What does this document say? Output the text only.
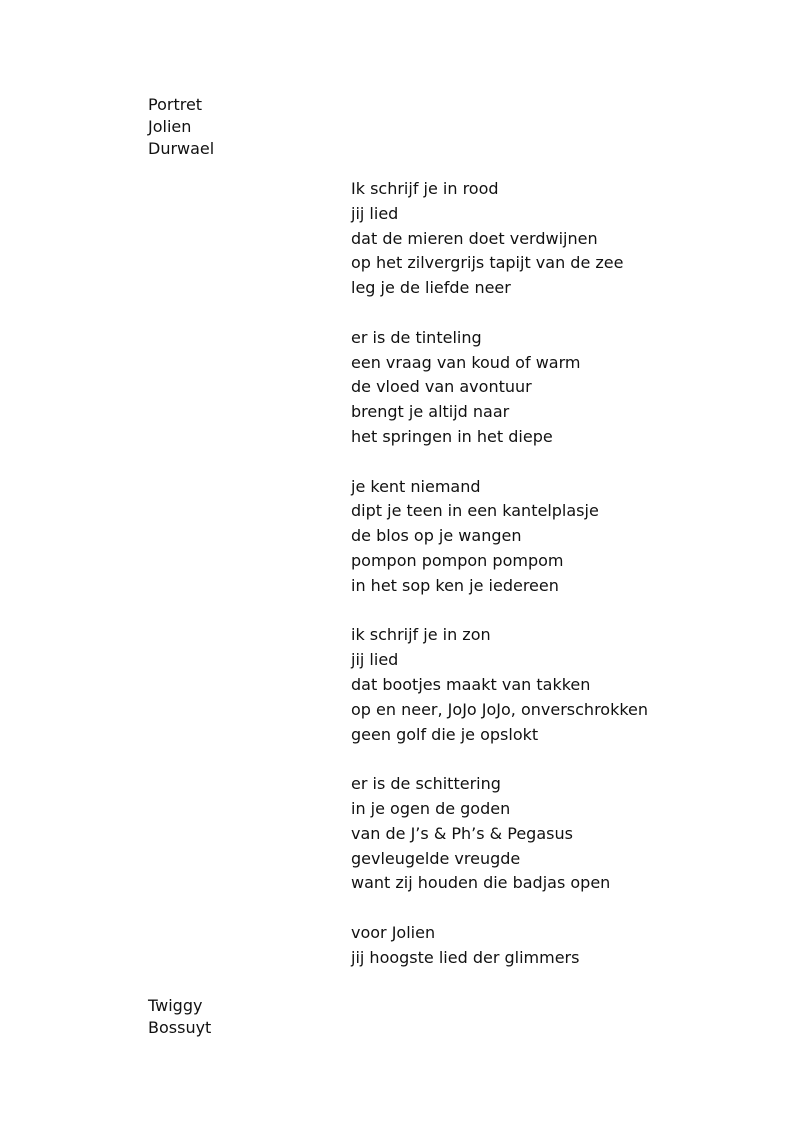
Portret
Jolien
Durwael
Ik schrijf je in rood
jij lied
dat de mieren doet verdwijnen
op het zilvergrijs tapijt van de zee
leg je de liefde neer
er is de tinteling
een vraag van koud of warm
de vloed van avontuur
brengt je altijd naar
het springen in het diepe
je kent niemand
dipt je teen in een kantelplasje
de blos op je wangen
pompon pompon pompom
in het sop ken je iedereen
ik schrijf je in zon
jij lied
dat bootjes maakt van takken
op en neer, JoJo JoJo, onverschrokken
geen golf die je opslokt
er is de schittering
in je ogen de goden
van de J’s & Ph’s & Pegasus
gevleugelde vreugde
want zij houden die badjas open
voor Jolien
jij hoogste lied der glimmers
Twiggy
Bossuyt
